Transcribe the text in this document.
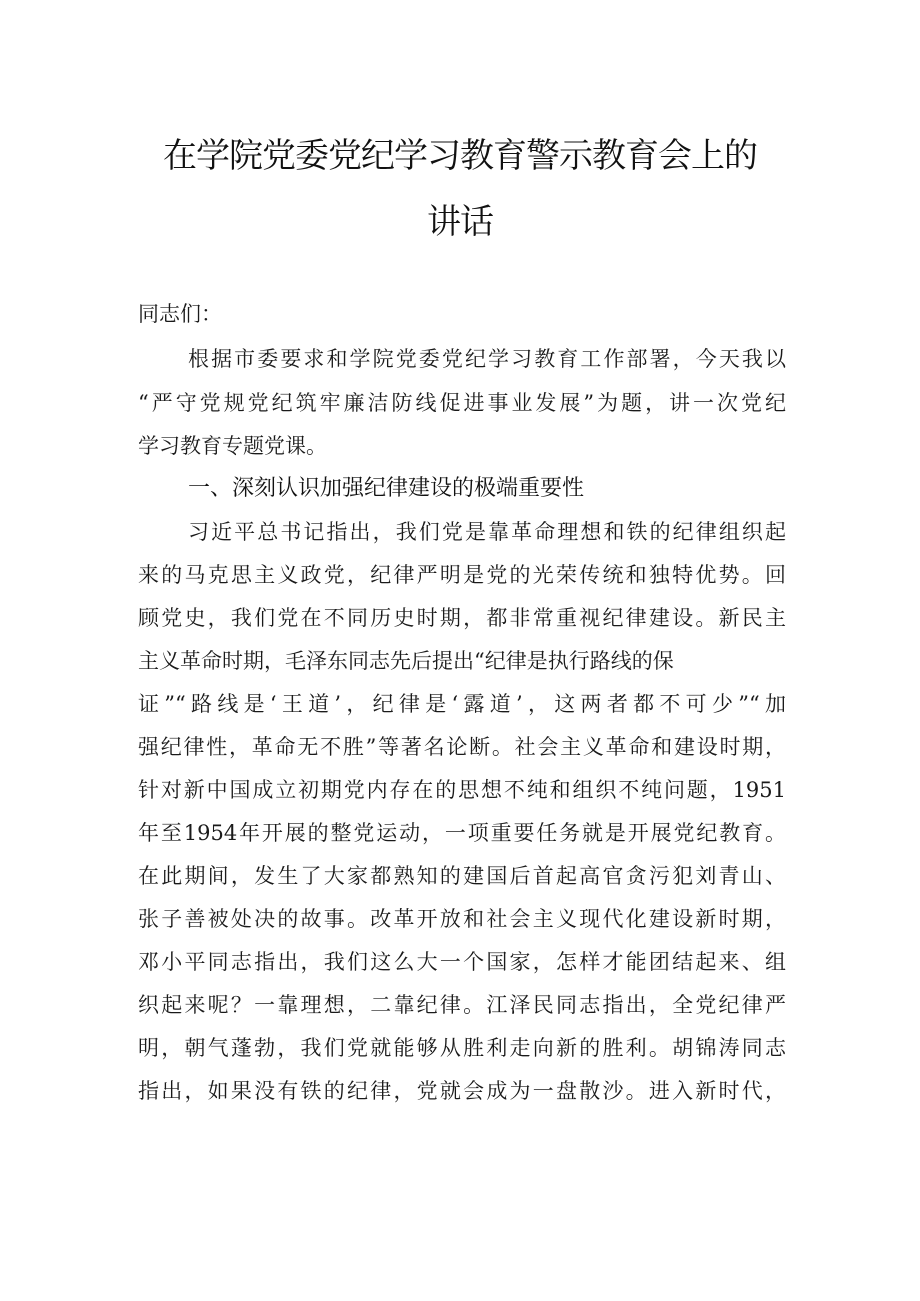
在学院党委党纪学习教育警示教育会上的
讲话
同志们：
根据市委要求和学院党委党纪学习教育工作部署，今天我以
“严守党规党纪筑牢廉洁防线促进事业发展”为题，讲一次党纪
学习教育专题党课。
一、深刻认识加强纪律建设的极端重要性
习近平总书记指出，我们党是靠革命理想和铁的纪律组织起
来的马克思主义政党，纪律严明是党的光荣传统和独特优势。回
顾党史，我们党在不同历史时期，都非常重视纪律建设。新民主
主义革命时期，毛泽东同志先后提出“纪律是执行路线的保
证”“路线是‘王道’，纪律是‘露道’，这两者都不可少”“加
强纪律性，革命无不胜”等著名论断。社会主义革命和建设时期，
针对新中国成立初期党内存在的思想不纯和组织不纯问题，1951
年至1954年开展的整党运动，一项重要任务就是开展党纪教育。
在此期间，发生了大家都熟知的建国后首起高官贪污犯刘青山、
张子善被处决的故事。改革开放和社会主义现代化建设新时期，
邓小平同志指出，我们这么大一个国家，怎样才能团结起来、组
织起来呢？一靠理想，二靠纪律。江泽民同志指出，全党纪律严
明，朝气蓬勃，我们党就能够从胜利走向新的胜利。胡锦涛同志
指出，如果没有铁的纪律，党就会成为一盘散沙。进入新时代，
